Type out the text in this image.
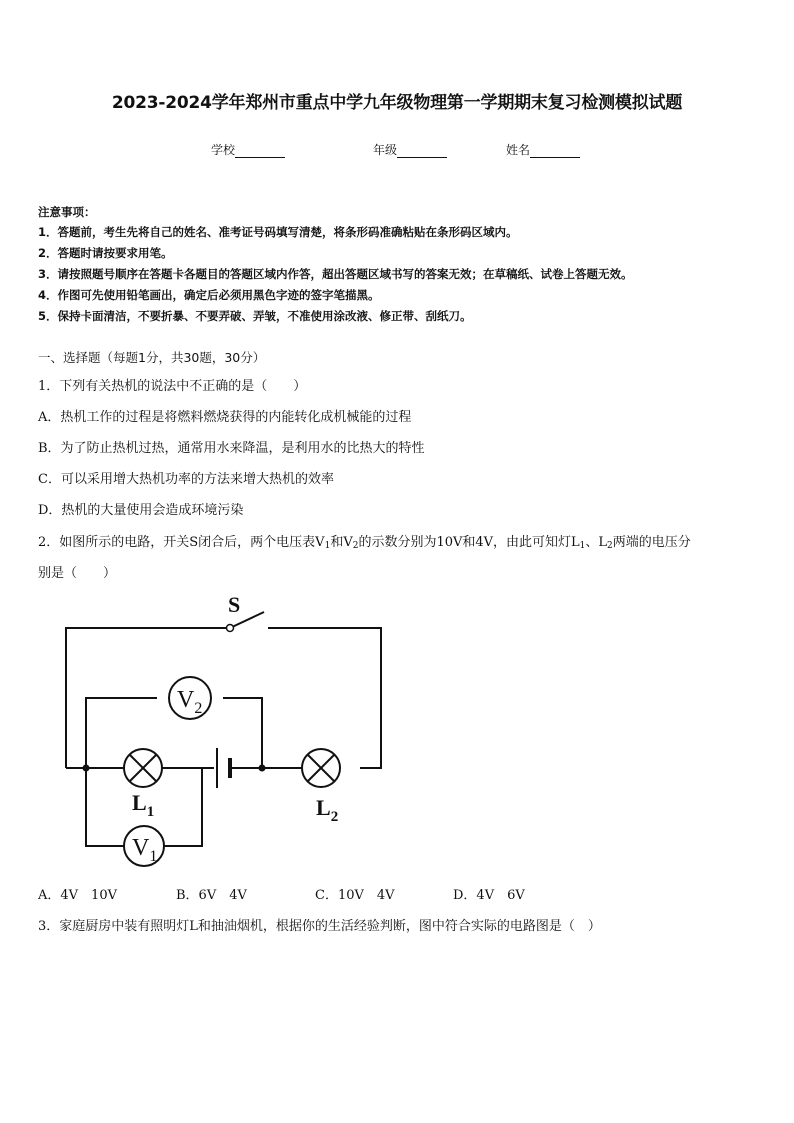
2023-2024学年郑州市重点中学九年级物理第一学期期末复习检测模拟试题
学校	年级	姓名
注意事项：
1．答题前，考生先将自己的姓名、准考证号码填写清楚，将条形码准确粘贴在条形码区域内。
2．答题时请按要求用笔。
3．请按照题号顺序在答题卡各题目的答题区域内作答，超出答题区域书写的答案无效；在草稿纸、试卷上答题无效。
4．作图可先使用铅笔画出，确定后必须用黑色字迹的签字笔描黑。
5．保持卡面清洁，不要折暴、不要弄破、弄皱，不准使用涂改液、修正带、刮纸刀。
一、选择题（每题1分，共30题，30分）
1．下列有关热机的说法中不正确的是（　　）
A．热机工作的过程是将燃料燃烧获得的内能转化成机械能的过程
B．为了防止热机过热，通常用水来降温，是利用水的比热大的特性
C．可以采用增大热机功率的方法来增大热机的效率
D．热机的大量使用会造成环境污染
2．如图所示的电路，开关S闭合后，两个电压表$V_1$和$V_2$的示数分别为10V和4V，由此可知灯$L_1$、$L_2$两端的电压分
别是（　　）
$V_2$
$V_1$
S
$L_1$	$L_2$
A．4V　10V	B．6V　4V	C．10V　4V	D．4V　6V
3．家庭厨房中装有照明灯L和抽油烟机，根据你的生活经验判断，图中符合实际的电路图是（　）
